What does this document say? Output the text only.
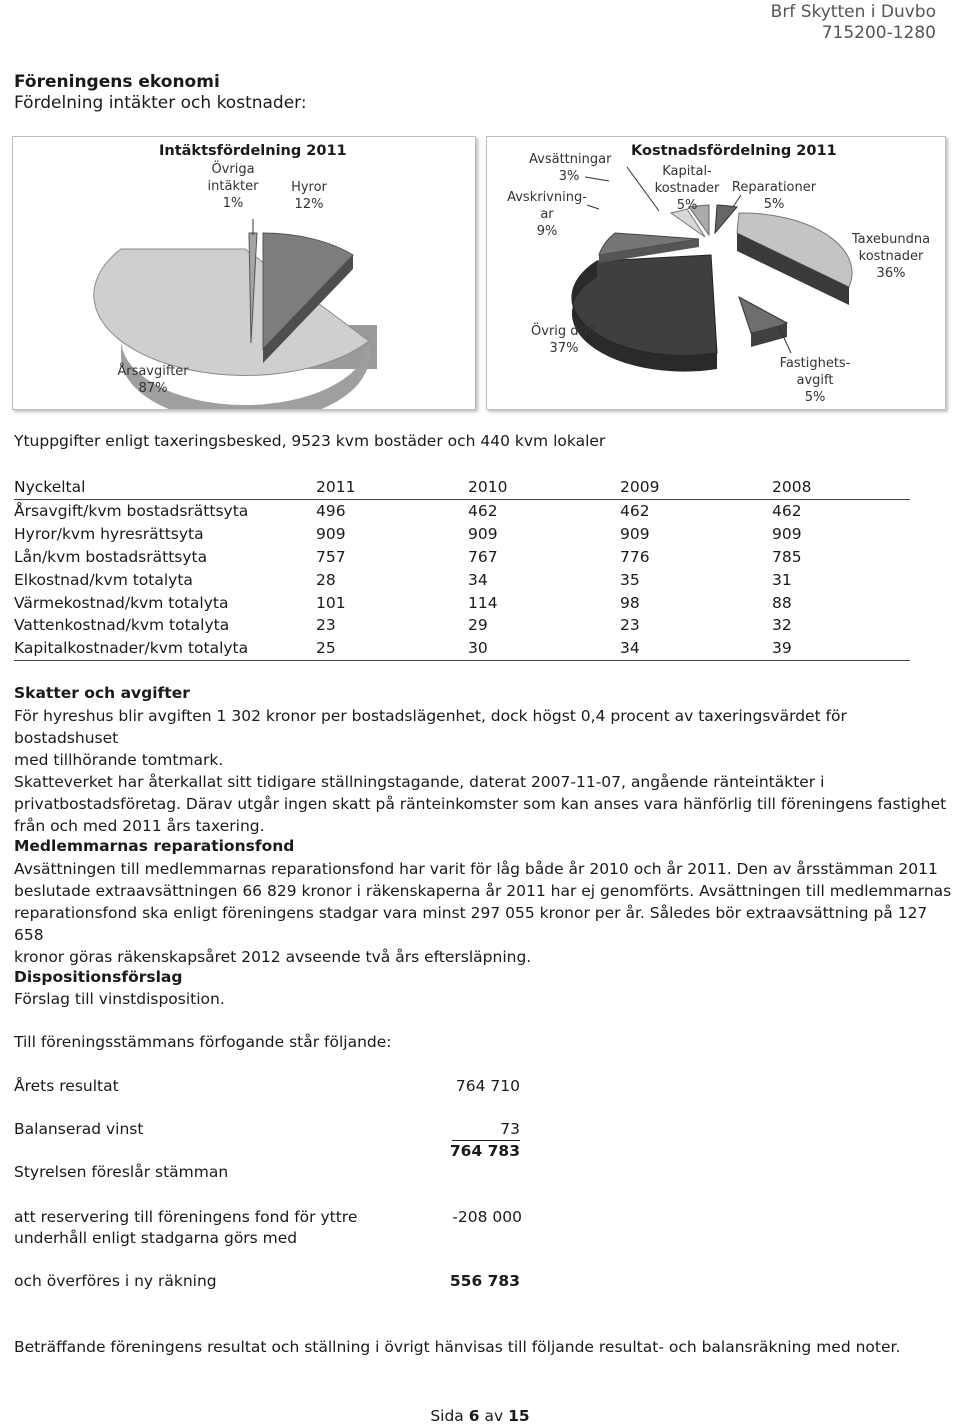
Brf Skytten i Duvbo
715200-1280
Föreningens ekonomi
Fördelning intäkter och kostnader:
Intäktsfördelning 2011
Övriga
intäkter
1%
Hyror
12%
Årsavgifter
87%
Kostnadsfördelning 2011
Avsättningar
3%
Avskrivning-
ar
9%
Kapital-
kostnader
5%
Reparationer
5%
Taxebundna
kostnader
36%
Övrig drift
37%
Fastighets-
avgift
5%
Ytuppgifter enligt taxeringsbesked, 9523 kvm bostäder och 440 kvm lokaler
Nyckeltal	2011	2010	2009	2008
Årsavgift/kvm bostadsrättsyta	496	462	462	462
Hyror/kvm hyresrättsyta	909	909	909	909
Lån/kvm bostadsrättsyta	757	767	776	785
Elkostnad/kvm totalyta	28	34	35	31
Värmekostnad/kvm totalyta	101	114	98	88
Vattenkostnad/kvm totalyta	23	29	23	32
Kapitalkostnader/kvm totalyta	25	30	34	39
Skatter och avgifter
För hyreshus blir avgiften 1 302 kronor per bostadslägenhet, dock högst 0,4 procent av taxeringsvärdet för bostadshuset
med tillhörande tomtmark.
Skatteverket har återkallat sitt tidigare ställningstagande, daterat 2007-11-07, angående ränteintäkter i
privatbostadsföretag. Därav utgår ingen skatt på ränteinkomster som kan anses vara hänförlig till föreningens fastighet
från och med 2011 års taxering.
Medlemmarnas reparationsfond
Avsättningen till medlemmarnas reparationsfond har varit för låg både år 2010 och år 2011. Den av årsstämman 2011
beslutade extraavsättningen 66 829 kronor i räkenskaperna år 2011 har ej genomförts. Avsättningen till medlemmarnas
reparationsfond ska enligt föreningens stadgar vara minst 297 055 kronor per år. Således bör extraavsättning på 127 658
kronor göras räkenskapsåret 2012 avseende två års eftersläpning.
Dispositionsförslag
Förslag till vinstdisposition.
Till föreningsstämmans förfogande står följande:
Årets resultat	764 710
Balanserad vinst	73
764 783
Styrelsen föreslår stämman
att reservering till föreningens fond för yttre
underhåll enligt stadgarna görs med
-208 000
och överföres i ny räkning	556 783
Beträffande föreningens resultat och ställning i övrigt hänvisas till följande resultat- och balansräkning med noter.
Sida 6 av 15
